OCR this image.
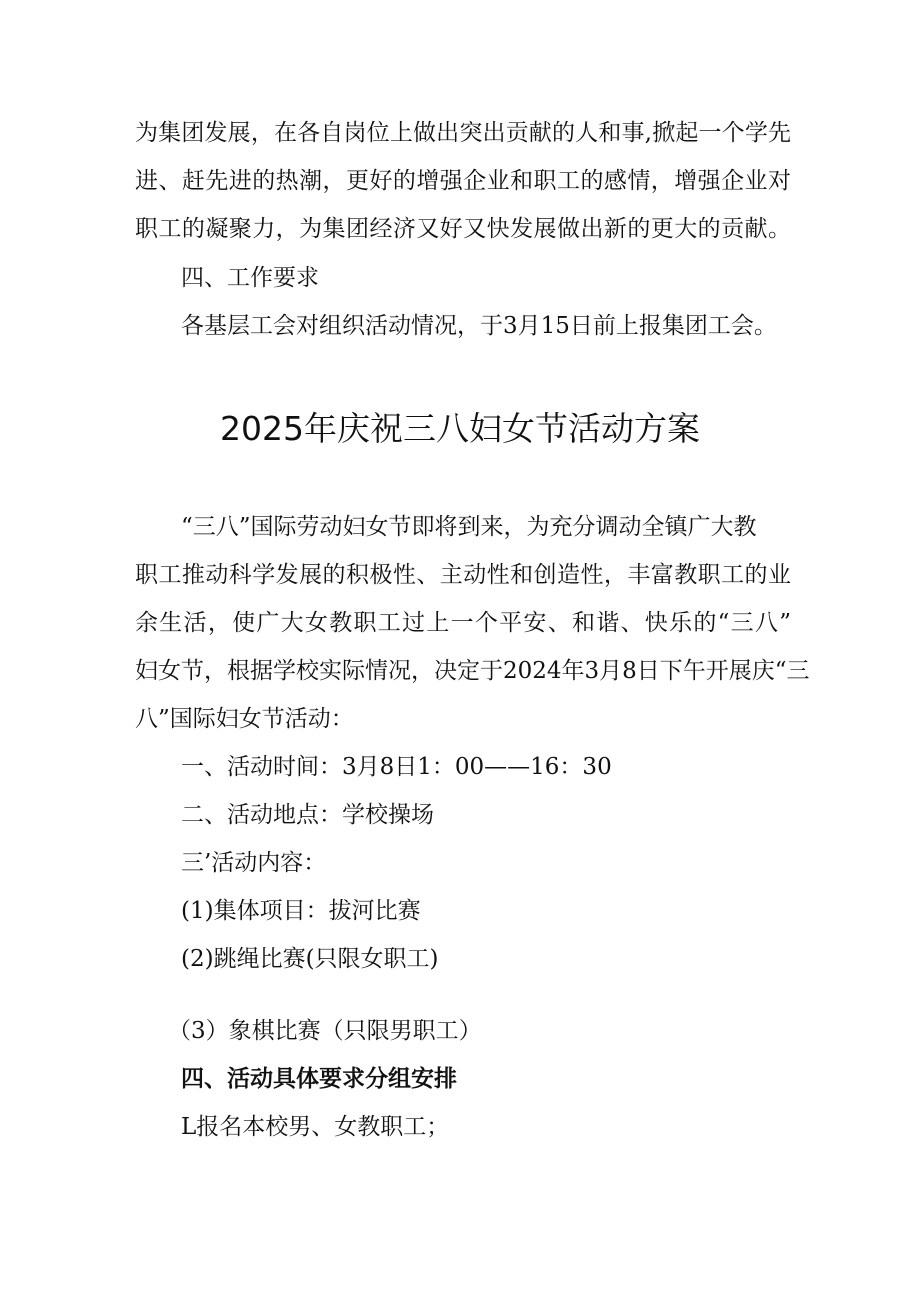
为集团发展，在各自岗位上做出突出贡献的人和事,掀起一个学先
进、赶先进的热潮，更好的增强企业和职工的感情，增强企业对
职工的凝聚力，为集团经济又好又快发展做出新的更大的贡献。
四、工作要求
各基层工会对组织活动情况，于3月15日前上报集团工会。
2025年庆祝三八妇女节活动方案
“三八”国际劳动妇女节即将到来，为充分调动全镇广大教
职工推动科学发展的积极性、主动性和创造性，丰富教职工的业
余生活，使广大女教职工过上一个平安、和谐、快乐的“三八”
妇女节，根据学校实际情况，决定于2024年3月8日下午开展庆“三
八”国际妇女节活动：
一、活动时间：3月8日1：00——16：30
二、活动地点：学校操场
三’活动内容：
(1)集体项目：拔河比赛
(2)跳绳比赛(只限女职工)
（3）象棋比赛（只限男职工）
四、活动具体要求分组安排
L报名本校男、女教职工；
